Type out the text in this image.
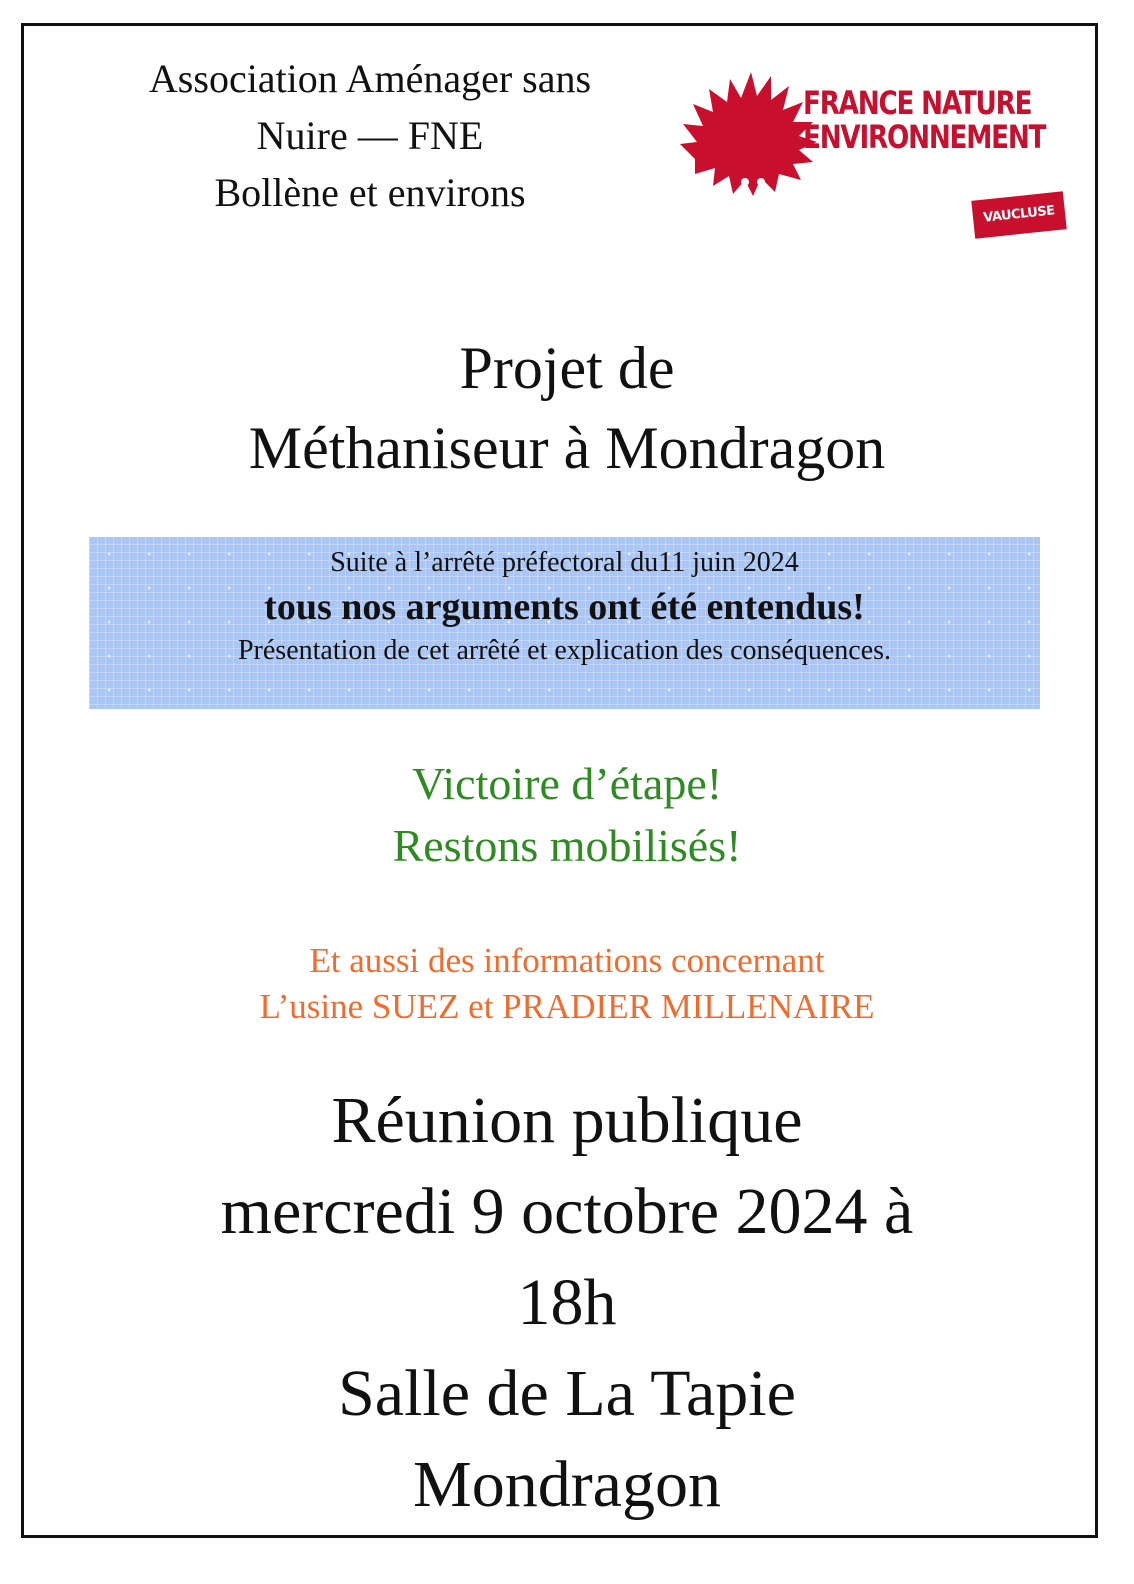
Association Aménager sans
Nuire — FNE
Bollène et environs
FRANCE NATURE
ENVIRONNEMENT
VAUCLUSE
Projet de
Méthaniseur à Mondragon
Suite à l’arrêté préfectoral du11 juin 2024
tous nos arguments ont été entendus!
Présentation de cet arrêté et explication des conséquences.
Victoire d’étape!
Restons mobilisés!
Et aussi des informations concernant
L’usine SUEZ et PRADIER MILLENAIRE
Réunion publique
mercredi 9 octobre 2024 à
18h
Salle de La Tapie
Mondragon
